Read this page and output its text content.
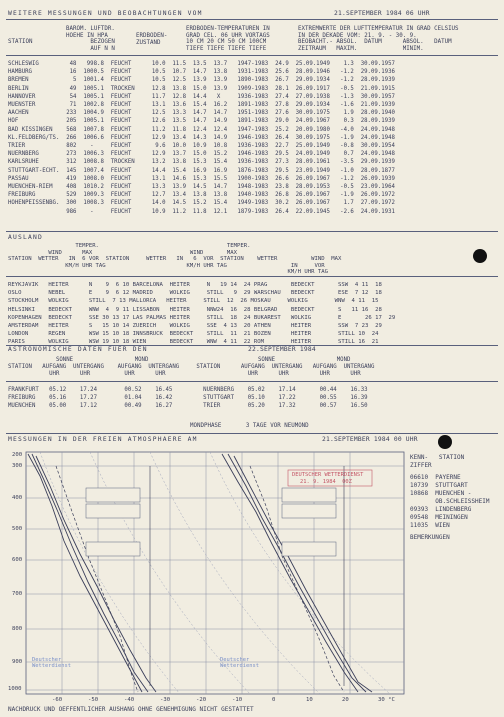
WEITERE MESSUNGEN UND BEOBACHTUNGEN VOM	21.SEPTEMBER 1984 06 UHR
STATION
BAROM. LUFTDR.
HOEHE IN HPA
BEZOGEN
AUF N N
ERDBODEN-
ZUSTAND
ERDBODEN-TEMPERATUREN IN
GRAD CEL. 06 UHR VORTAGS
10 CM 20 CM 50 CM 100CM
TIEFE TIEFE TIEFE TIEFE
EXTREMWERTE DER LUFTTEMPERATUR IN GRAD CELSIUS
IN DER DEKADE VOM: 21. 9. - 30. 9.
BEOBACHT.- ABSOL.  DATUM      ABSOL.   DATUM
ZEITRAUM   MAXIM.             MINIM.
SCHLESWIG         48   998.8  FEUCHT      10.0  11.5  13.5  13.7   1947-1983  24.9  25.09.1949    1.3  30.09.1957
HAMBURG           16  1000.5  FEUCHT      10.5  10.7  14.7  13.8   1931-1983  25.6  28.09.1946   -1.2  29.09.1936
BREMEN             5  1001.4  FEUCHT      10.5  12.5  13.9  13.9   1890-1983  26.7  29.09.1934   -1.2  28.09.1939
BERLIN            49  1005.1  TROCKEN     12.8  13.8  15.0  13.9   1909-1983  28.1  26.09.1917   -0.5  21.09.1915
HANNOVER          54  1005.1  FEUCHT      11.7  12.8  14.4   X     1936-1983  27.4  27.09.1938   -1.3  30.09.1957
MUENSTER          71  1002.8  FEUCHT      13.1  13.6  15.4  16.2   1891-1983  27.8  29.09.1934   -1.6  21.09.1939
AACHEN           233  1004.9  FEUCHT      12.5  13.3  14.7  14.7   1951-1983  27.6  30.09.1975    1.9  28.09.1940
HOF              205  1005.1  FEUCHT      12.6  13.5  14.7  14.9   1891-1983  29.0  24.09.1967    0.3  28.09.1939
BAD KISSINGEN    568  1007.8  FEUCHT      11.2  11.8  12.4  12.4   1947-1983  25.2  20.09.1980   -4.0  24.09.1948
KL.FELDBERG/TS.  266  1006.6  FEUCHT      12.9  13.4  14.3  14.9   1946-1983  26.4  30.09.1975   -1.9  24.09.1948
TRIER            802    -     FEUCHT       9.6  10.0  10.9  10.8   1936-1983  22.7  25.09.1949   -0.8  30.09.1954
NUERNBERG        273  1006.3  FEUCHT      12.9  13.7  15.0  15.2   1946-1983  29.5  24.09.1949    0.7  24.09.1948
KARLSRUHE        312  1008.8  TROCKEN     13.2  13.8  15.3  15.4   1936-1983  27.3  28.09.1961   -3.5  29.09.1939
STUTTGART-ECHT.  145  1007.4  FEUCHT      14.4  15.4  16.9  16.9   1876-1983  29.5  23.09.1949   -1.0  28.09.1877
PASSAU           419  1008.0  FEUCHT      13.1  14.6  15.3  15.5   1900-1983  26.6  26.09.1967   -1.2  26.09.1939
MUENCHEN-RIEM    408  1010.2  FEUCHT      13.3  13.9  14.5  14.7   1948-1983  23.8  28.09.1953   -0.5  23.09.1964
FREIBURG         529  1009.3  FEUCHT      12.7  13.4  13.8  13.8   1940-1983  26.8  26.09.1967   -1.9  26.09.1972
HOHENPEISSENBG.  300  1008.3  FEUCHT      14.0  14.5  15.2  15.4   1949-1983  30.2  26.09.1967    1.7  27.09.1972
986    -     FEUCHT      10.9  11.2  11.8  12.1   1879-1983  26.4  22.09.1945   -2.6  24.09.1931
AUSLAND
TEMPER.                                      TEMPER.
WIND      MAX                             WIND       MAX
STATION  WETTER   IN  6 VOR  STATION     WETTER   IN   6  VOR  STATION    WETTER          WIND  MAX
KM/H UHR TAG                        KM/H UHR TAG                   IN     VOR
KM/H UHR TAG
REYKJAVIK   HEITER      N    9  6 10 BARCELONA  HEITER     N   19 14  24 PRAG       BEDECKT       SSW  4 11  18
OSLO        NEBEL       E    9  6 12 MADRID     WOLKIG     STILL   9  29 WARSCHAU   BEDECKT       ESE  7 12  18
STOCKHOLM   WOLKIG      STILL  7 13 MALLORCA   HEITER     STILL  12  26 MOSKAU     WOLKIG        WNW  4 11  15
HELSINKI    BEDECKT     WNW  4  9 11 LISSABON   HEITER     NNW24  16  28 BELGRAD    BEDECKT       S   11 16  28
KOPENHAGEN  BEDECKT     SSE 30 13 17 LAS PALMAS HEITER     STILL  18  24 BUKAREST   WOLKIG        E       26 17  29
AMSTERDAM   HEITER      S   15 10 14 ZUERICH    WOLKIG     SSE  4 13  20 ATHEN      HEITER        SSW  7 23  29
LONDON      REGEN       WSW 15 10 18 INNSBRUCK  BEDECKT    STILL  11  21 BOZEN      HEITER        STILL 10  24
PARIS       WOLKIG      WSW 19 10 18 WIEN       BEDECKT    WNW  4 11  22 ROM        HEITER        STILL 16  21
ASTRONOMISCHE DATEN FUER DEN	22.SEPTEMBER 1984
SONNE                  MOND                                SONNE                  MOND
STATION   AUFGANG  UNTERGANG    AUFGANG  UNTERGANG     STATION      AUFGANG  UNTERGANG   AUFGANG  UNTERGANG
UHR      UHR          UHR      UHR                        UHR      UHR         UHR      UHR
FRANKFURT   05.12    17.24        00.52    16.45         NUERNBERG    05.02    17.14       00.44    16.33
FREIBURG    05.16    17.27        01.04    16.42         STUTTGART    05.10    17.22       00.55    16.39
MUENCHEN    05.00    17.12        00.49    16.27         TRIER        05.20    17.32       00.57    16.50
MONDPHASE       3 TAGE VOR NEUMOND
MESSUNGEN IN DER FREIEN ATMOSPHAERE AM	21.SEPTEMBER 1984 00 UHR
1000
900
800
700
600
500
400
300
200
-60	-50	-40	-30	-20	-10	0	10	20	30 °C
DEUTSCHER WETTERDIENST
21. 9. 1984  00Z
Deutscher
Wetterdienst
Deutscher
Wetterdienst
KENN-   STATION
ZIFFER
06610  PAYERNE
10739  STUTTGART
10868  MUENCHEN -
OB.SCHLEISSHEIM
09393  LINDENBERG
09548  MEININGEN
11035  WIEN
BEMERKUNGEN
NACHDRUCK UND OEFFENTLICHER AUSHANG OHNE GENEHMIGUNG NICHT GESTATTET
